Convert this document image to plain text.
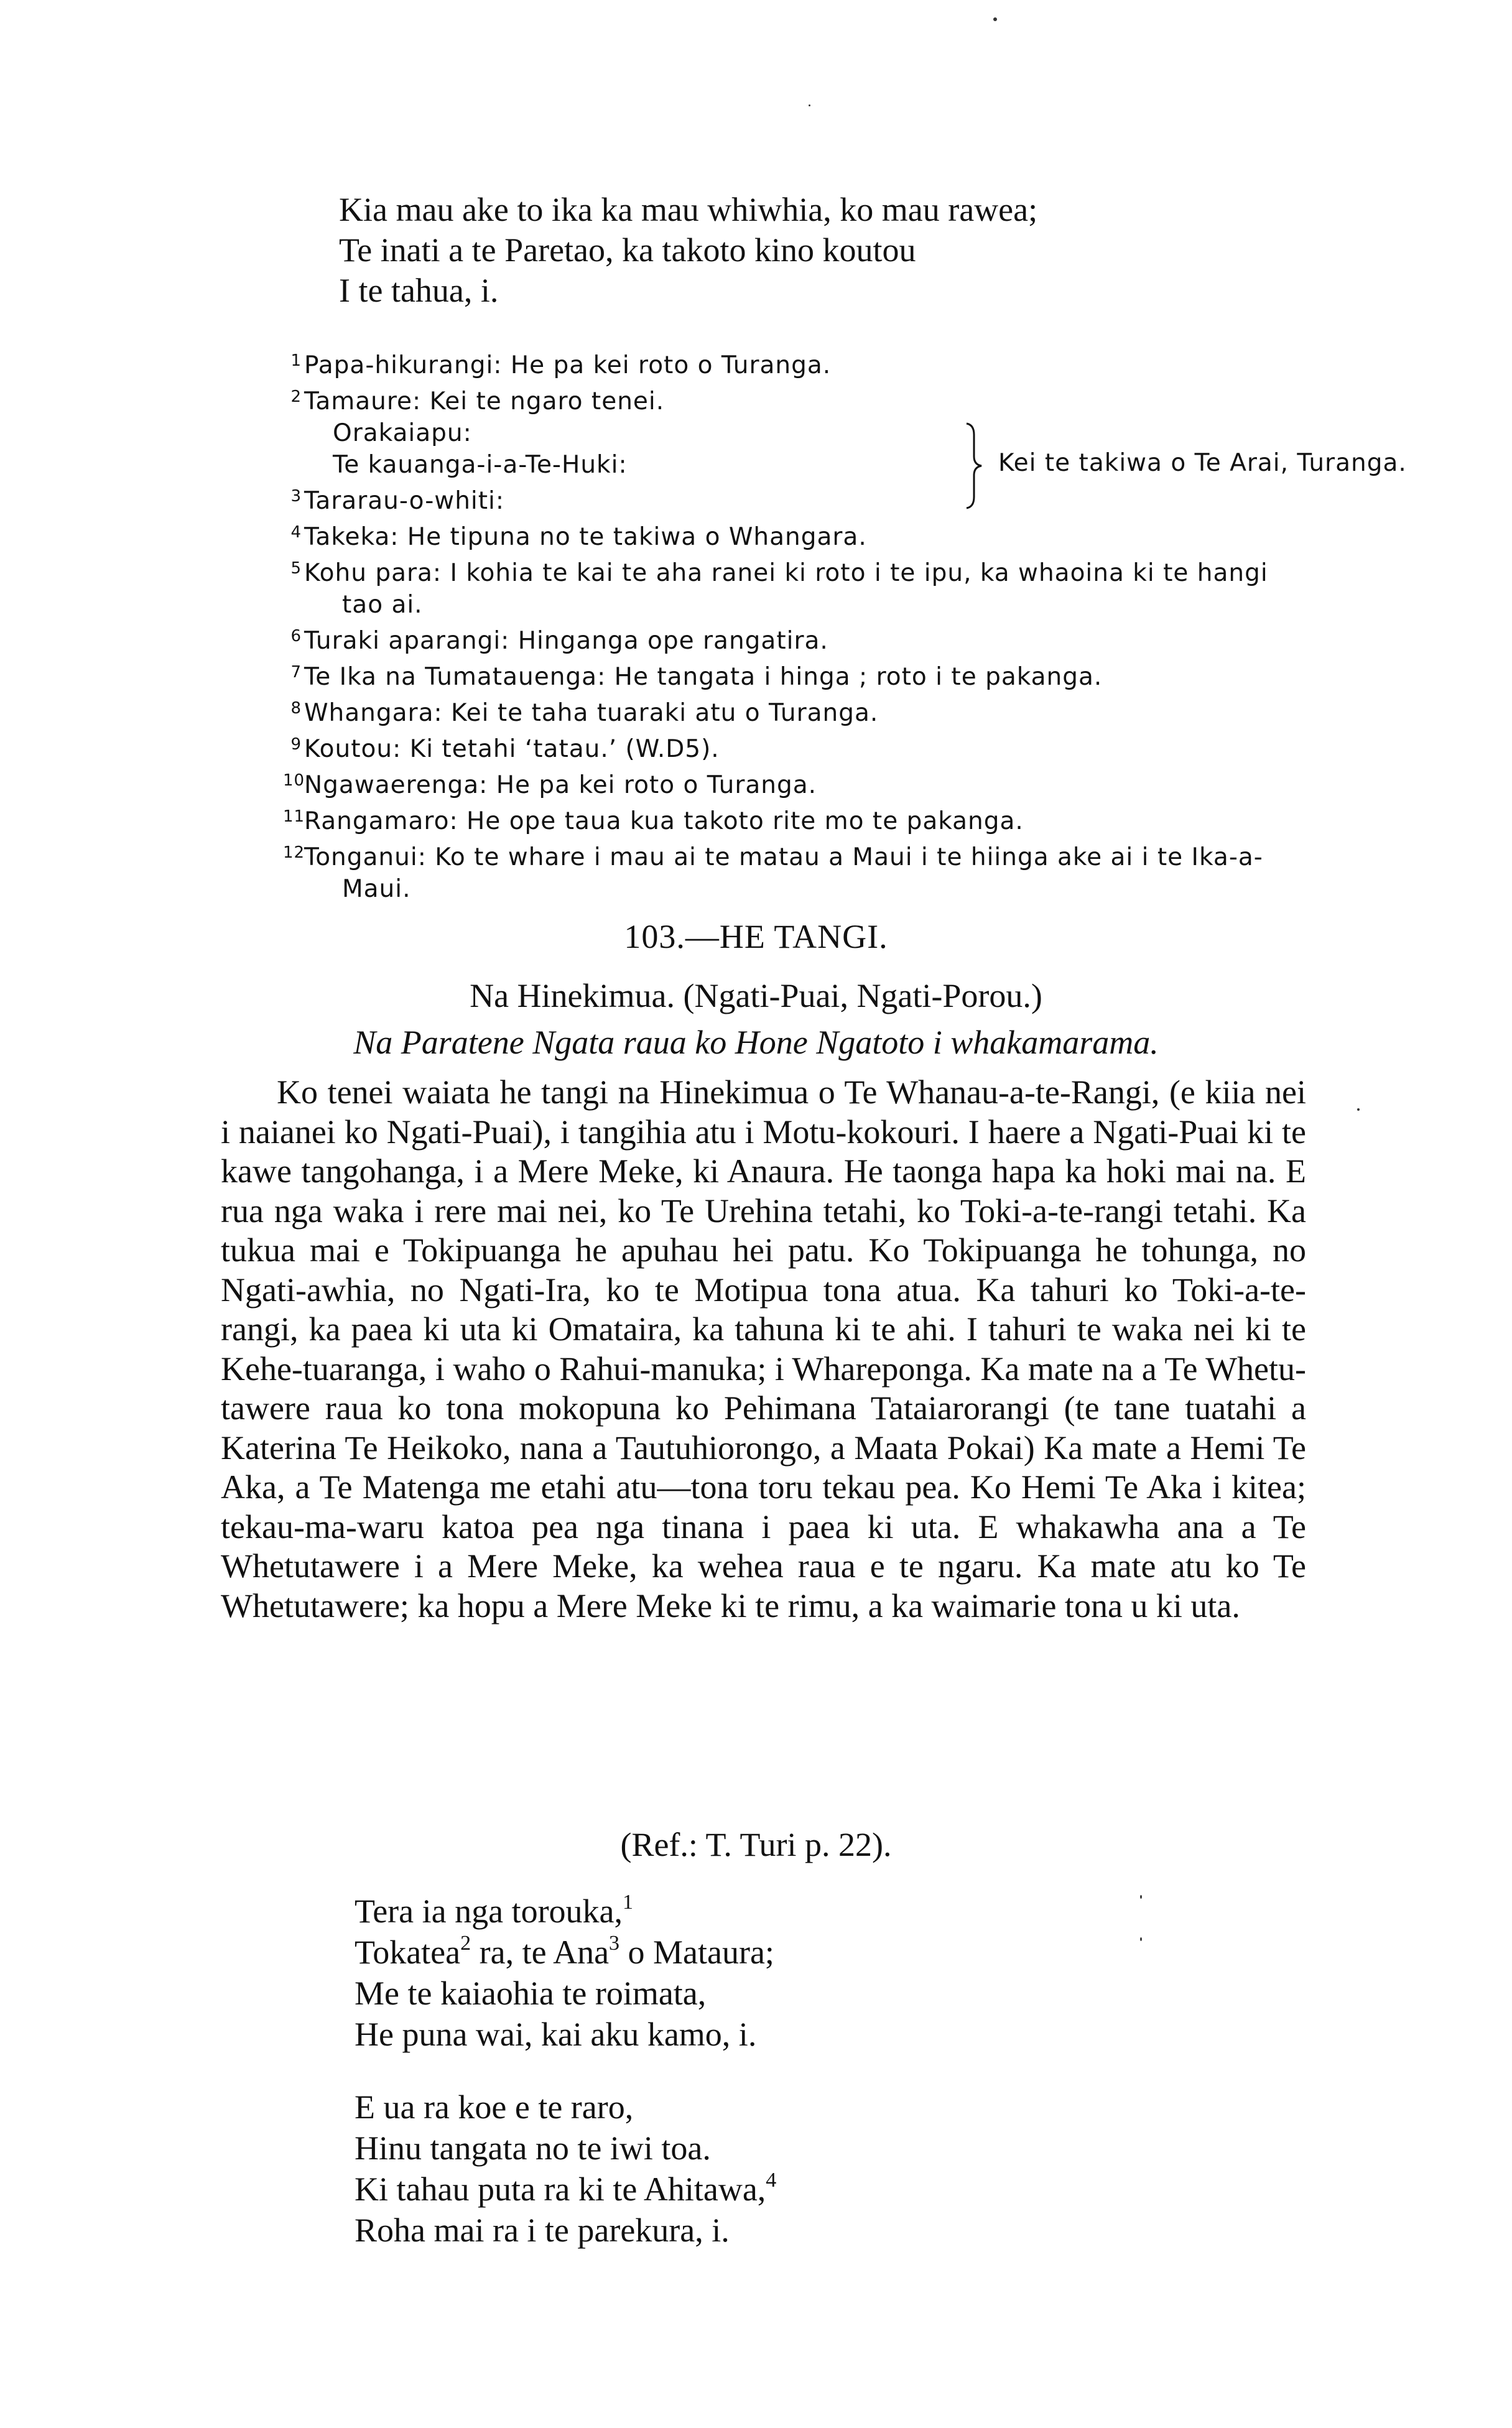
Kia mau ake to ika ka mau whiwhia, ko mau rawea;
Te inati a te Paretao, ka takoto kino koutou
I te tahua, i.
1 Papa-hikurangi: He pa kei roto o Turanga.
2 Tamaure: Kei te ngaro tenei.
Orakaiapu:
Te kauanga-i-a-Te-Huki:
3 Tararau-o-whiti:
Kei te takiwa o Te Arai, Turanga.
4 Takeka: He tipuna no te takiwa o Whangara.
5 Kohu para: I kohia te kai te aha ranei ki roto i te ipu, ka whaoina ki te hangi tao ai.
6 Turaki aparangi: Hinganga ope rangatira.
7 Te Ika na Tumatauenga: He tangata i hinga ; roto i te pakanga.
8 Whangara: Kei te taha tuaraki atu o Turanga.
9 Koutou: Ki tetahi ‘tatau.’ (W.D5).
10Ngawaerenga: He pa kei roto o Turanga.
11Rangamaro: He ope taua kua takoto rite mo te pakanga.
12Tonganui: Ko te whare i mau ai te matau a Maui i te hiinga ake ai i te Ika-a-Maui.
103.—HE TANGI.
Na Hinekimua. (Ngati-Puai, Ngati-Porou.)
Na Paratene Ngata raua ko Hone Ngatoto i whakamarama.
Ko tenei waiata he tangi na Hinekimua o Te Whanau-a-te-Rangi, (e kiia nei i naianei ko Ngati-Puai), i tangihia atu i Motu-kokouri. I haere a Ngati-Puai ki te kawe tangohanga, i a Mere Meke, ki Anaura. He taonga hapa ka hoki mai na. E rua nga waka i rere mai nei, ko Te Urehina tetahi, ko Toki-a-te-rangi tetahi. Ka tukua mai e Tokipuanga he apuhau hei patu. Ko Tokipuanga he tohunga, no Ngati-awhia, no Ngati-Ira, ko te Motipua tona atua. Ka tahuri ko Toki-a-te-rangi, ka paea ki uta ki Omataira, ka tahuna ki te ahi. I tahuri te waka nei ki te Kehe-tuaranga, i waho o Rahui-manuka; i Whareponga. Ka mate na a Te Whetu-tawere raua ko tona mokopuna ko Pehimana Tataiarorangi (te tane tuatahi a Katerina Te Heikoko, nana a Tautuhiorongo, a Maata Pokai) Ka mate a Hemi Te Aka, a Te Matenga me etahi atu—tona toru tekau pea. Ko Hemi Te Aka i kitea; tekau-ma-waru katoa pea nga tinana i paea ki uta. E whakawha ana a Te Whetutawere i a Mere Meke, ka wehea raua e te ngaru. Ka mate atu ko Te Whetutawere; ka hopu a Mere Meke ki te rimu, a ka waimarie tona u ki uta.
(Ref.: T. Turi p. 22).
Tera ia nga torouka,$^1$
Tokatea$^2$ ra, te Ana$^3$ o Mataura;
Me te kaiaohia te roimata,
He puna wai, kai aku kamo, i.
E ua ra koe e te raro,
Hinu tangata no te iwi toa.
Ki tahau puta ra ki te Ahitawa,$^4$
Roha mai ra i te parekura, i.
